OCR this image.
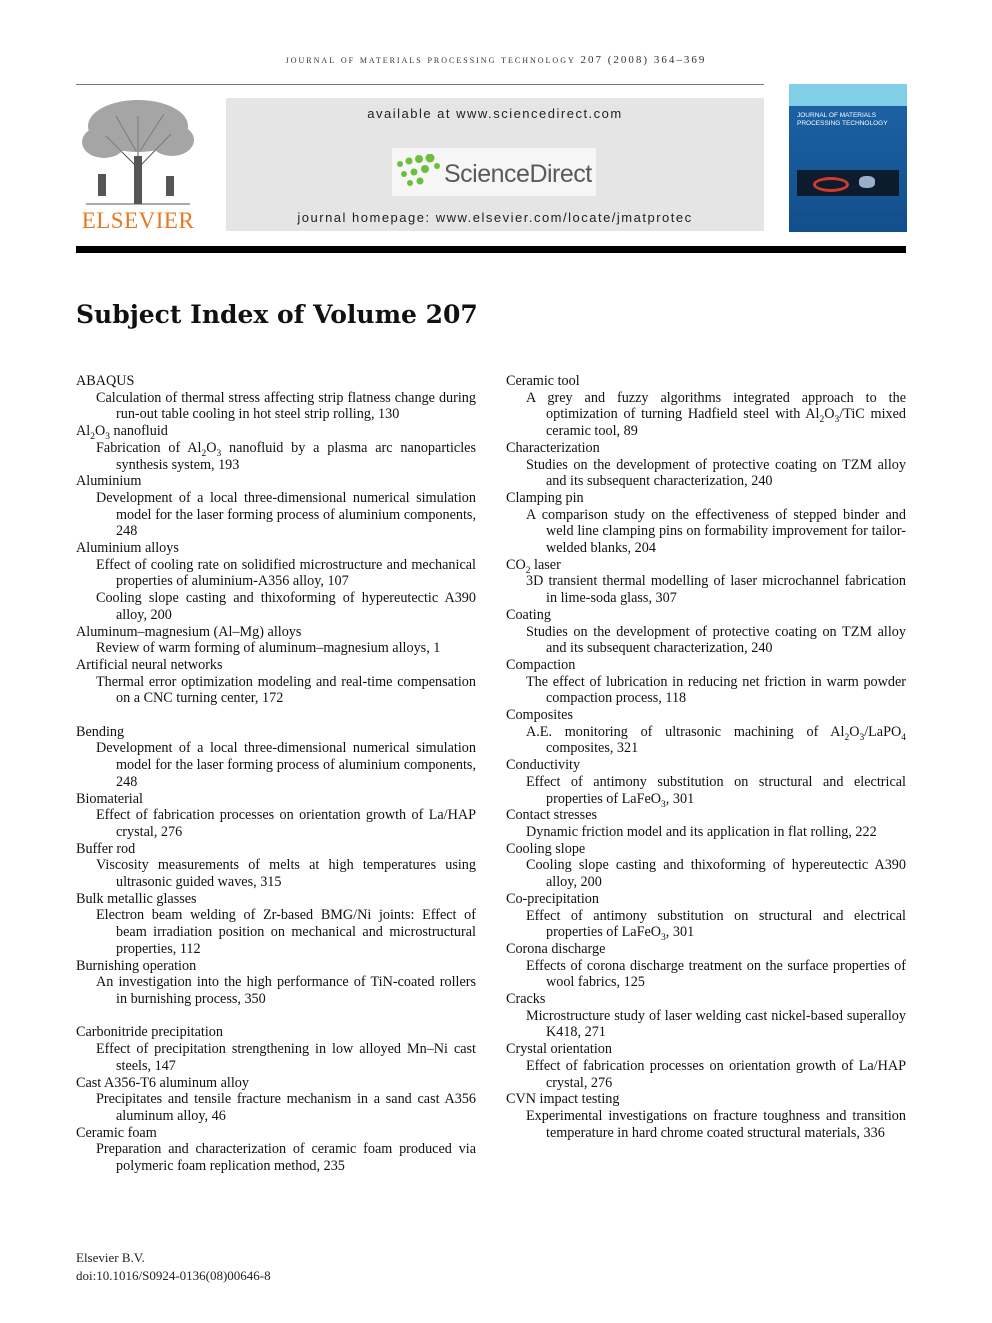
journal of materials processing technology 207 (2008) 364–369
ELSEVIER
available at www.sciencedirect.com
ScienceDirect
journal homepage: www.elsevier.com/locate/jmatprotec
JOURNAL OF MATERIALS PROCESSING TECHNOLOGY
Subject Index of Volume 207
ABAQUS
Calculation of thermal stress affecting strip flatness change during run-out table cooling in hot steel strip rolling, 130
$Al_2O_3$ nanofluid
Fabrication of $Al_2O_3$ nanofluid by a plasma arc nanoparticles synthesis system, 193
Aluminium
Development of a local three-dimensional numerical simulation model for the laser forming process of aluminium components, 248
Aluminium alloys
Effect of cooling rate on solidified microstructure and mechanical properties of aluminium-A356 alloy, 107
Cooling slope casting and thixoforming of hypereutectic A390 alloy, 200
Aluminum–magnesium (Al–Mg) alloys
Review of warm forming of aluminum–magnesium alloys, 1
Artificial neural networks
Thermal error optimization modeling and real-time compensation on a CNC turning center, 172
Bending
Development of a local three-dimensional numerical simulation model for the laser forming process of aluminium components, 248
Biomaterial
Effect of fabrication processes on orientation growth of La/HAP crystal, 276
Buffer rod
Viscosity measurements of melts at high temperatures using ultrasonic guided waves, 315
Bulk metallic glasses
Electron beam welding of Zr-based BMG/Ni joints: Effect of beam irradiation position on mechanical and microstructural properties, 112
Burnishing operation
An investigation into the high performance of TiN-coated rollers in burnishing process, 350
Carbonitride precipitation
Effect of precipitation strengthening in low alloyed Mn–Ni cast steels, 147
Cast A356-T6 aluminum alloy
Precipitates and tensile fracture mechanism in a sand cast A356 aluminum alloy, 46
Ceramic foam
Preparation and characterization of ceramic foam produced via polymeric foam replication method, 235
Ceramic tool
A grey and fuzzy algorithms integrated approach to the optimization of turning Hadfield steel with $Al_2O_3$/TiC mixed ceramic tool, 89
Characterization
Studies on the development of protective coating on TZM alloy and its subsequent characterization, 240
Clamping pin
A comparison study on the effectiveness of stepped binder and weld line clamping pins on formability improvement for tailor-welded blanks, 204
$CO_2$ laser
3D transient thermal modelling of laser microchannel fabrication in lime-soda glass, 307
Coating
Studies on the development of protective coating on TZM alloy and its subsequent characterization, 240
Compaction
The effect of lubrication in reducing net friction in warm powder compaction process, 118
Composites
A.E. monitoring of ultrasonic machining of $Al_2O_3/LaPO_4$ composites, 321
Conductivity
Effect of antimony substitution on structural and electrical properties of LaFeO$_3$, 301
Contact stresses
Dynamic friction model and its application in flat rolling, 222
Cooling slope
Cooling slope casting and thixoforming of hypereutectic A390 alloy, 200
Co-precipitation
Effect of antimony substitution on structural and electrical properties of LaFeO$_3$, 301
Corona discharge
Effects of corona discharge treatment on the surface properties of wool fabrics, 125
Cracks
Microstructure study of laser welding cast nickel-based superalloy K418, 271
Crystal orientation
Effect of fabrication processes on orientation growth of La/HAP crystal, 276
CVN impact testing
Experimental investigations on fracture toughness and transition temperature in hard chrome coated structural materials, 336
Elsevier B.V.
doi:10.1016/S0924-0136(08)00646-8
